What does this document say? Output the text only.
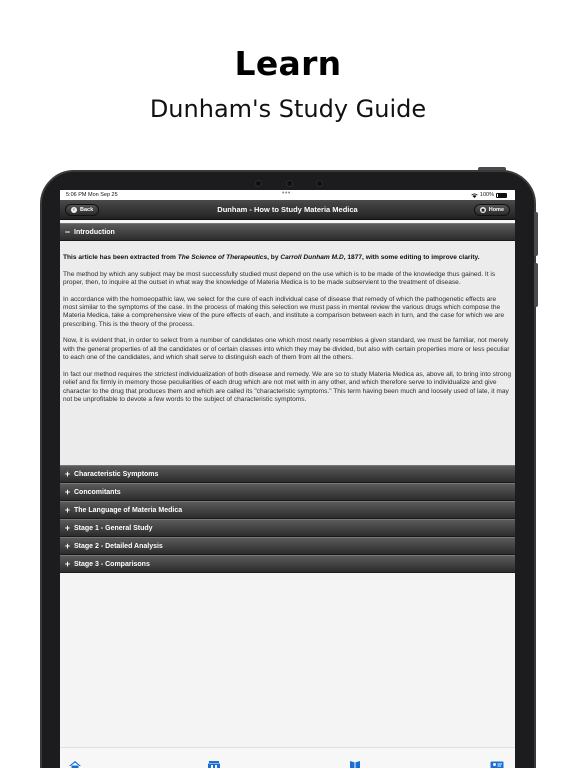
Learn
Dunham's Study Guide
5:06 PM Mon Sep 25	•••	100%
‹ Back	Dunham - How to Study Materia Medica	Home
− Introduction

This article has been extracted from The Science of Therapeutics, by Carroll Dunham M.D, 1877, with some editing to improve clarity.

The method by which any subject may be most successfully studied must depend on the use which is to be made of the knowledge thus gained. It is proper, then, to inquire at the outset in what way the knowledge of Materia Medica is to be made subservient to the treatment of disease.

In accordance with the homoeopathic law, we select for the cure of each individual case of disease that remedy of which the pathogenetic effects are most similar to the symptoms of the case. In the process of making this selection we must pass in mental review the various drugs which compose the Materia Medica, take a comprehensive view of the pure effects of each, and institute a comparison between each in turn, and the case for which we are prescribing. This is the theory of the process.

Now, it is evident that, in order to select from a number of candidates one which most nearly resembles a given standard, we must be familiar, not merely with the general properties of all the candidates or of certain classes into which they may be divided, but also with certain properties more or less peculiar to each one of the candidates, and which shall serve to distinguish each of them from all the others.

In fact our method requires the strictest individualization of both disease and remedy. We are so to study Materia Medica as, above all, to bring into strong relief and fix firmly in memory those peculiarities of each drug which are not met with in any other, and which therefore serve to individualize and give character to the drug that produces them and which are called its "characteristic symptoms." This term having been much and loosely used of late, it may not be unprofitable to devote a few words to the subject of characteristic symptoms.

+ Characteristic Symptoms
+ Concomitants
+ The Language of Materia Medica
+ Stage 1 - General Study
+ Stage 2 - Detailed Analysis
+ Stage 3 - Comparisons
